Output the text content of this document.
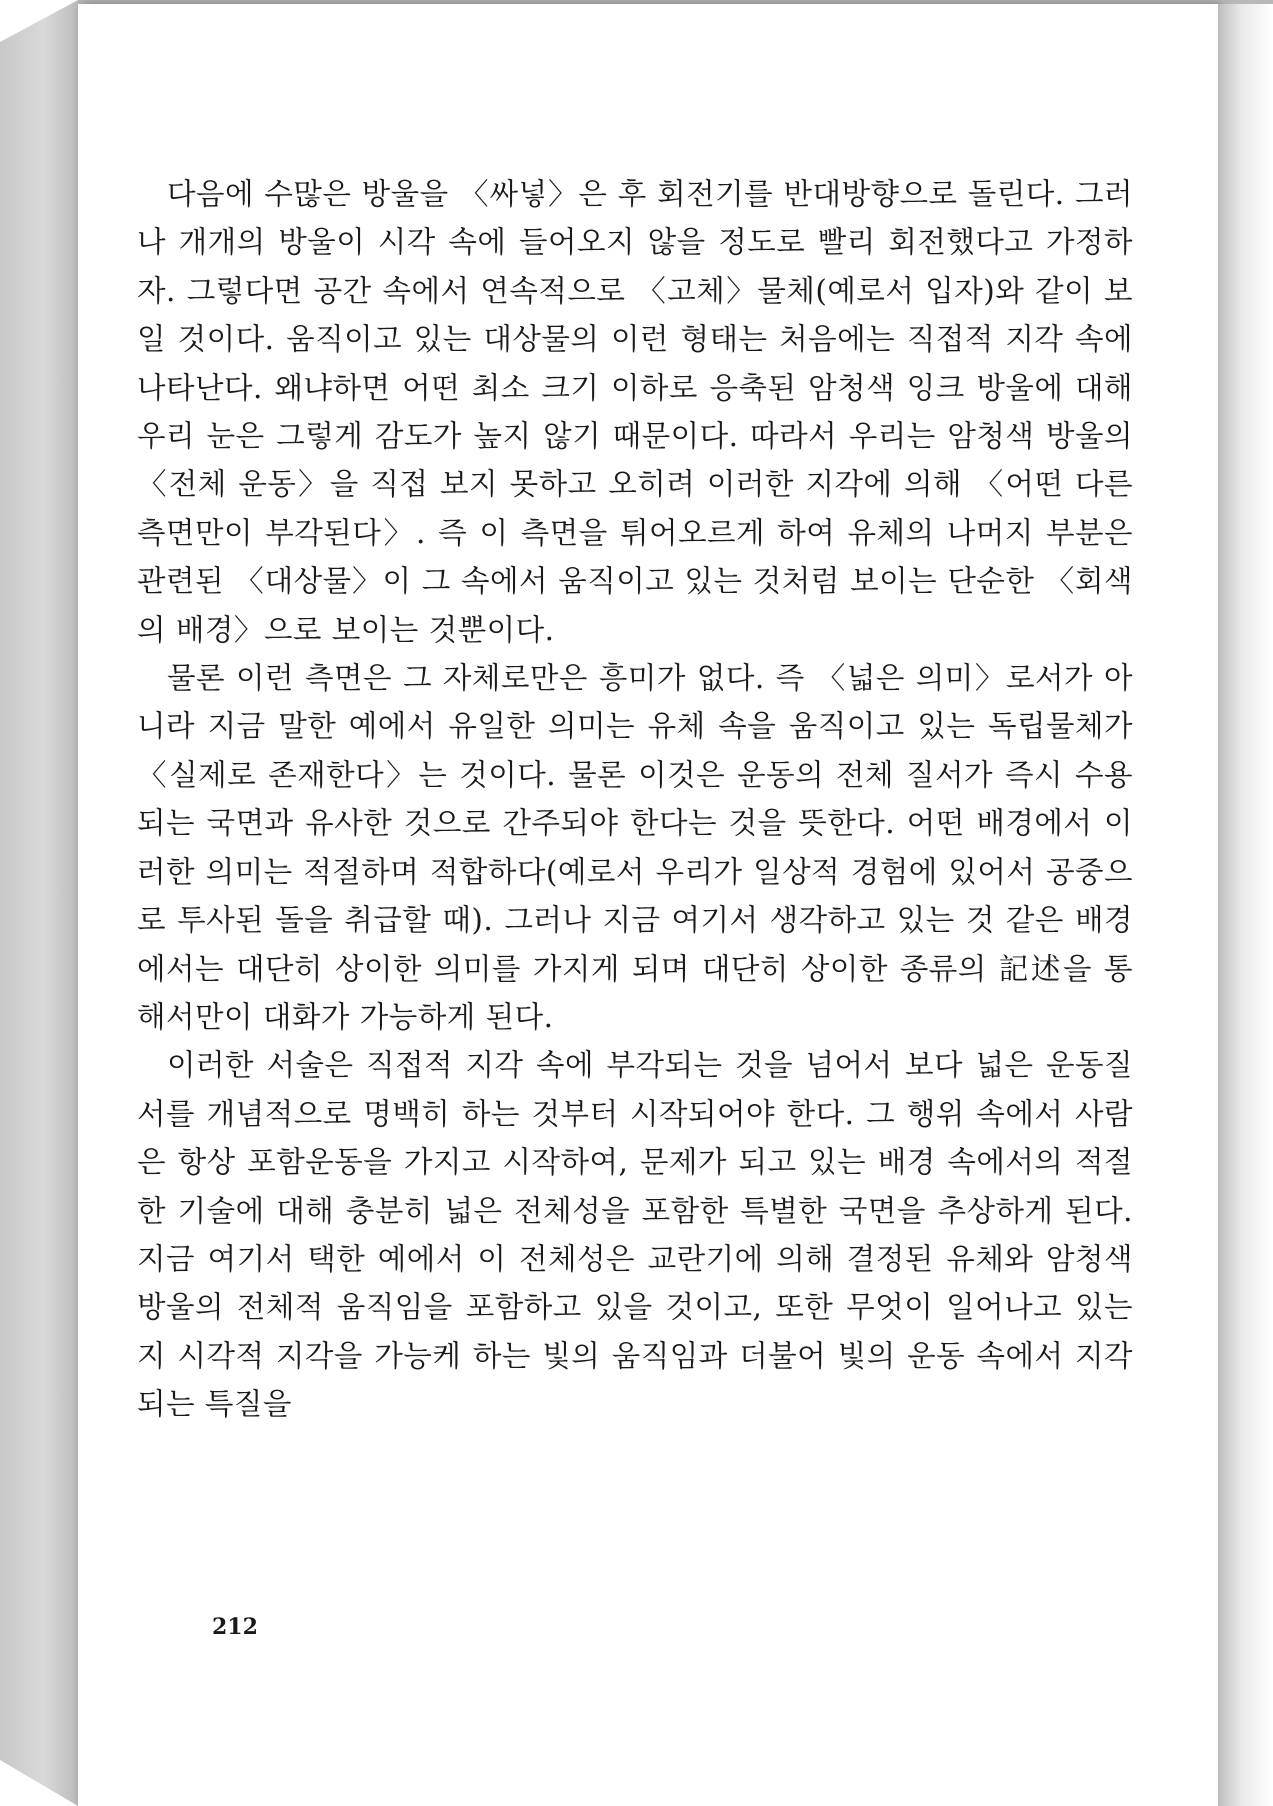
다음에 수많은 방울을 〈싸넣〉은 후 회전기를 반대방향으로 돌린다. 그러나 개개의 방울이 시각 속에 들어오지 않을 정도로 빨리 회전했다고 가정하자. 그렇다면 공간 속에서 연속적으로 〈고체〉물체(예로서 입자)와 같이 보일 것이다. 움직이고 있는 대상물의 이런 형태는 처음에는 직접적 지각 속에 나타난다. 왜냐하면 어떤 최소 크기 이하로 응축된 암청색 잉크 방울에 대해 우리 눈은 그렇게 감도가 높지 않기 때문이다. 따라서 우리는 암청색 방울의 〈전체 운동〉을 직접 보지 못하고 오히려 이러한 지각에 의해 〈어떤 다른 측면만이 부각된다〉. 즉 이 측면을 튀어오르게 하여 유체의 나머지 부분은 관련된 〈대상물〉이 그 속에서 움직이고 있는 것처럼 보이는 단순한 〈회색의 배경〉으로 보이는 것뿐이다.

물론 이런 측면은 그 자체로만은 흥미가 없다. 즉 〈넓은 의미〉로서가 아니라 지금 말한 예에서 유일한 의미는 유체 속을 움직이고 있는 독립물체가 〈실제로 존재한다〉는 것이다. 물론 이것은 운동의 전체 질서가 즉시 수용되는 국면과 유사한 것으로 간주되야 한다는 것을 뜻한다. 어떤 배경에서 이러한 의미는 적절하며 적합하다(예로서 우리가 일상적 경험에 있어서 공중으로 투사된 돌을 취급할 때). 그러나 지금 여기서 생각하고 있는 것 같은 배경에서는 대단히 상이한 의미를 가지게 되며 대단히 상이한 종류의 記述을 통해서만이 대화가 가능하게 된다.

이러한 서술은 직접적 지각 속에 부각되는 것을 넘어서 보다 넓은 운동질서를 개념적으로 명백히 하는 것부터 시작되어야 한다. 그 행위 속에서 사람은 항상 포함운동을 가지고 시작하여, 문제가 되고 있는 배경 속에서의 적절한 기술에 대해 충분히 넓은 전체성을 포함한 특별한 국면을 추상하게 된다. 지금 여기서 택한 예에서 이 전체성은 교란기에 의해 결정된 유체와 암청색 방울의 전체적 움직임을 포함하고 있을 것이고, 또한 무엇이 일어나고 있는지 시각적 지각을 가능케 하는 빛의 움직임과 더불어 빛의 운동 속에서 지각되는 특질을

212
